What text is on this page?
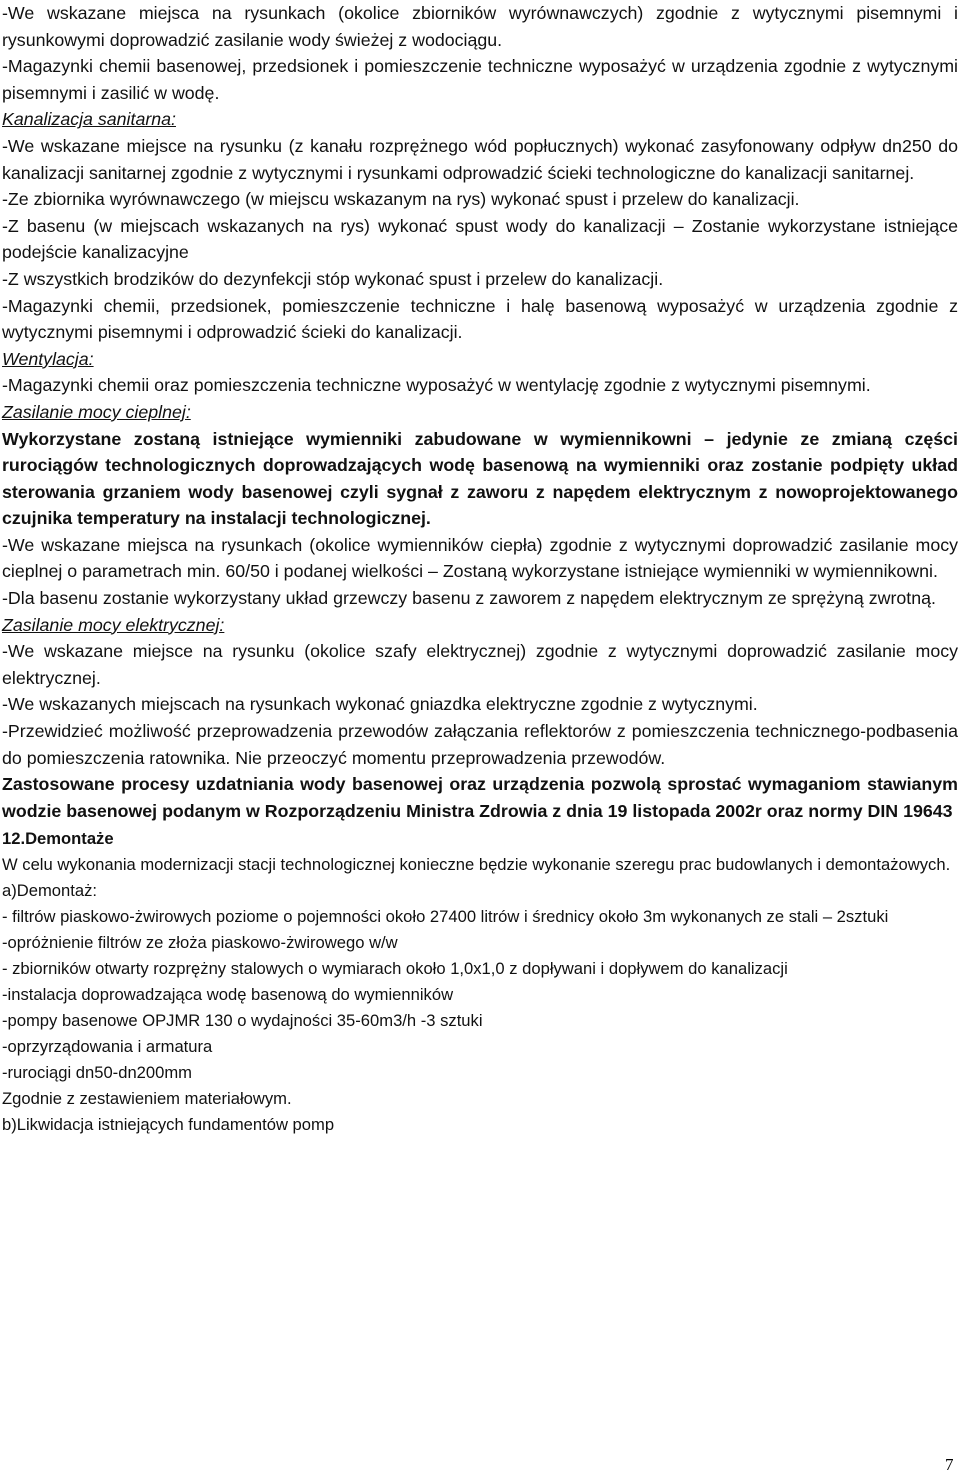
-We wskazane miejsca na rysunkach (okolice zbiorników wyrównawczych) zgodnie z wytycznymi pisemnymi i rysunkowymi doprowadzić zasilanie wody świeżej z wodociągu.

-Magazynki chemii basenowej, przedsionek i pomieszczenie techniczne wyposażyć w urządzenia zgodnie z wytycznymi pisemnymi i zasilić w wodę.

Kanalizacja sanitarna:

-We wskazane miejsce na rysunku (z kanału rozprężnego wód popłucznych) wykonać zasyfonowany odpływ dn250 do kanalizacji sanitarnej zgodnie z wytycznymi i rysunkami odprowadzić ścieki technologiczne do kanalizacji sanitarnej.

-Ze zbiornika wyrównawczego (w miejscu wskazanym na rys) wykonać spust i przelew do kanalizacji.

-Z basenu (w miejscach wskazanych na rys) wykonać spust wody do kanalizacji – Zostanie wykorzystane istniejące podejście kanalizacyjne

-Z wszystkich brodzików do dezynfekcji stóp wykonać spust i przelew do kanalizacji.

-Magazynki chemii, przedsionek, pomieszczenie techniczne i halę basenową wyposażyć w urządzenia zgodnie z wytycznymi pisemnymi i odprowadzić ścieki do kanalizacji.

Wentylacja:

-Magazynki chemii oraz pomieszczenia techniczne wyposażyć w wentylację zgodnie z wytycznymi pisemnymi.

Zasilanie mocy cieplnej:

Wykorzystane zostaną istniejące wymienniki zabudowane w wymiennikowni – jedynie ze zmianą części rurociągów technologicznych doprowadzających wodę basenową na wymienniki oraz zostanie podpięty układ sterowania grzaniem wody basenowej czyli sygnał z zaworu z napędem elektrycznym z nowoprojektowanego czujnika temperatury na instalacji technologicznej.

-We wskazane miejsca na rysunkach (okolice wymienników ciepła) zgodnie z wytycznymi doprowadzić zasilanie mocy cieplnej o parametrach min. 60/50 i podanej wielkości – Zostaną wykorzystane istniejące wymienniki w wymiennikowni.

-Dla basenu zostanie wykorzystany układ grzewczy basenu z zaworem z napędem elektrycznym ze sprężyną zwrotną.

Zasilanie mocy elektrycznej:

-We wskazane miejsce na rysunku (okolice szafy elektrycznej) zgodnie z wytycznymi doprowadzić zasilanie mocy elektrycznej.

-We wskazanych miejscach na rysunkach wykonać gniazdka elektryczne zgodnie z wytycznymi.

-Przewidzieć możliwość przeprowadzenia przewodów załączania reflektorów z pomieszczenia technicznego-podbasenia do pomieszczenia ratownika. Nie przeoczyć momentu przeprowadzenia przewodów.

Zastosowane procesy uzdatniania wody basenowej oraz urządzenia pozwolą sprostać wymaganiom stawianym wodzie basenowej podanym w Rozporządzeniu Ministra Zdrowia z dnia 19 listopada 2002r oraz normy DIN 19643

12.Demontaże

W celu wykonania modernizacji stacji technologicznej konieczne będzie wykonanie szeregu prac budowlanych i demontażowych.

a)Demontaż:

- filtrów piaskowo-żwirowych poziome o pojemności około 27400 litrów i średnicy około 3m wykonanych ze stali – 2sztuki

-opróżnienie filtrów ze złoża piaskowo-żwirowego w/w

- zbiorników otwarty rozprężny stalowych o wymiarach około 1,0x1,0 z dopływani i dopływem do kanalizacji

-instalacja doprowadzająca wodę basenową do wymienników

-pompy basenowe OPJMR 130 o wydajności 35-60m3/h -3 sztuki

-oprzyrządowania i armatura

-rurociągi dn50-dn200mm

Zgodnie z zestawieniem materiałowym.

b)Likwidacja istniejących fundamentów pomp

7
